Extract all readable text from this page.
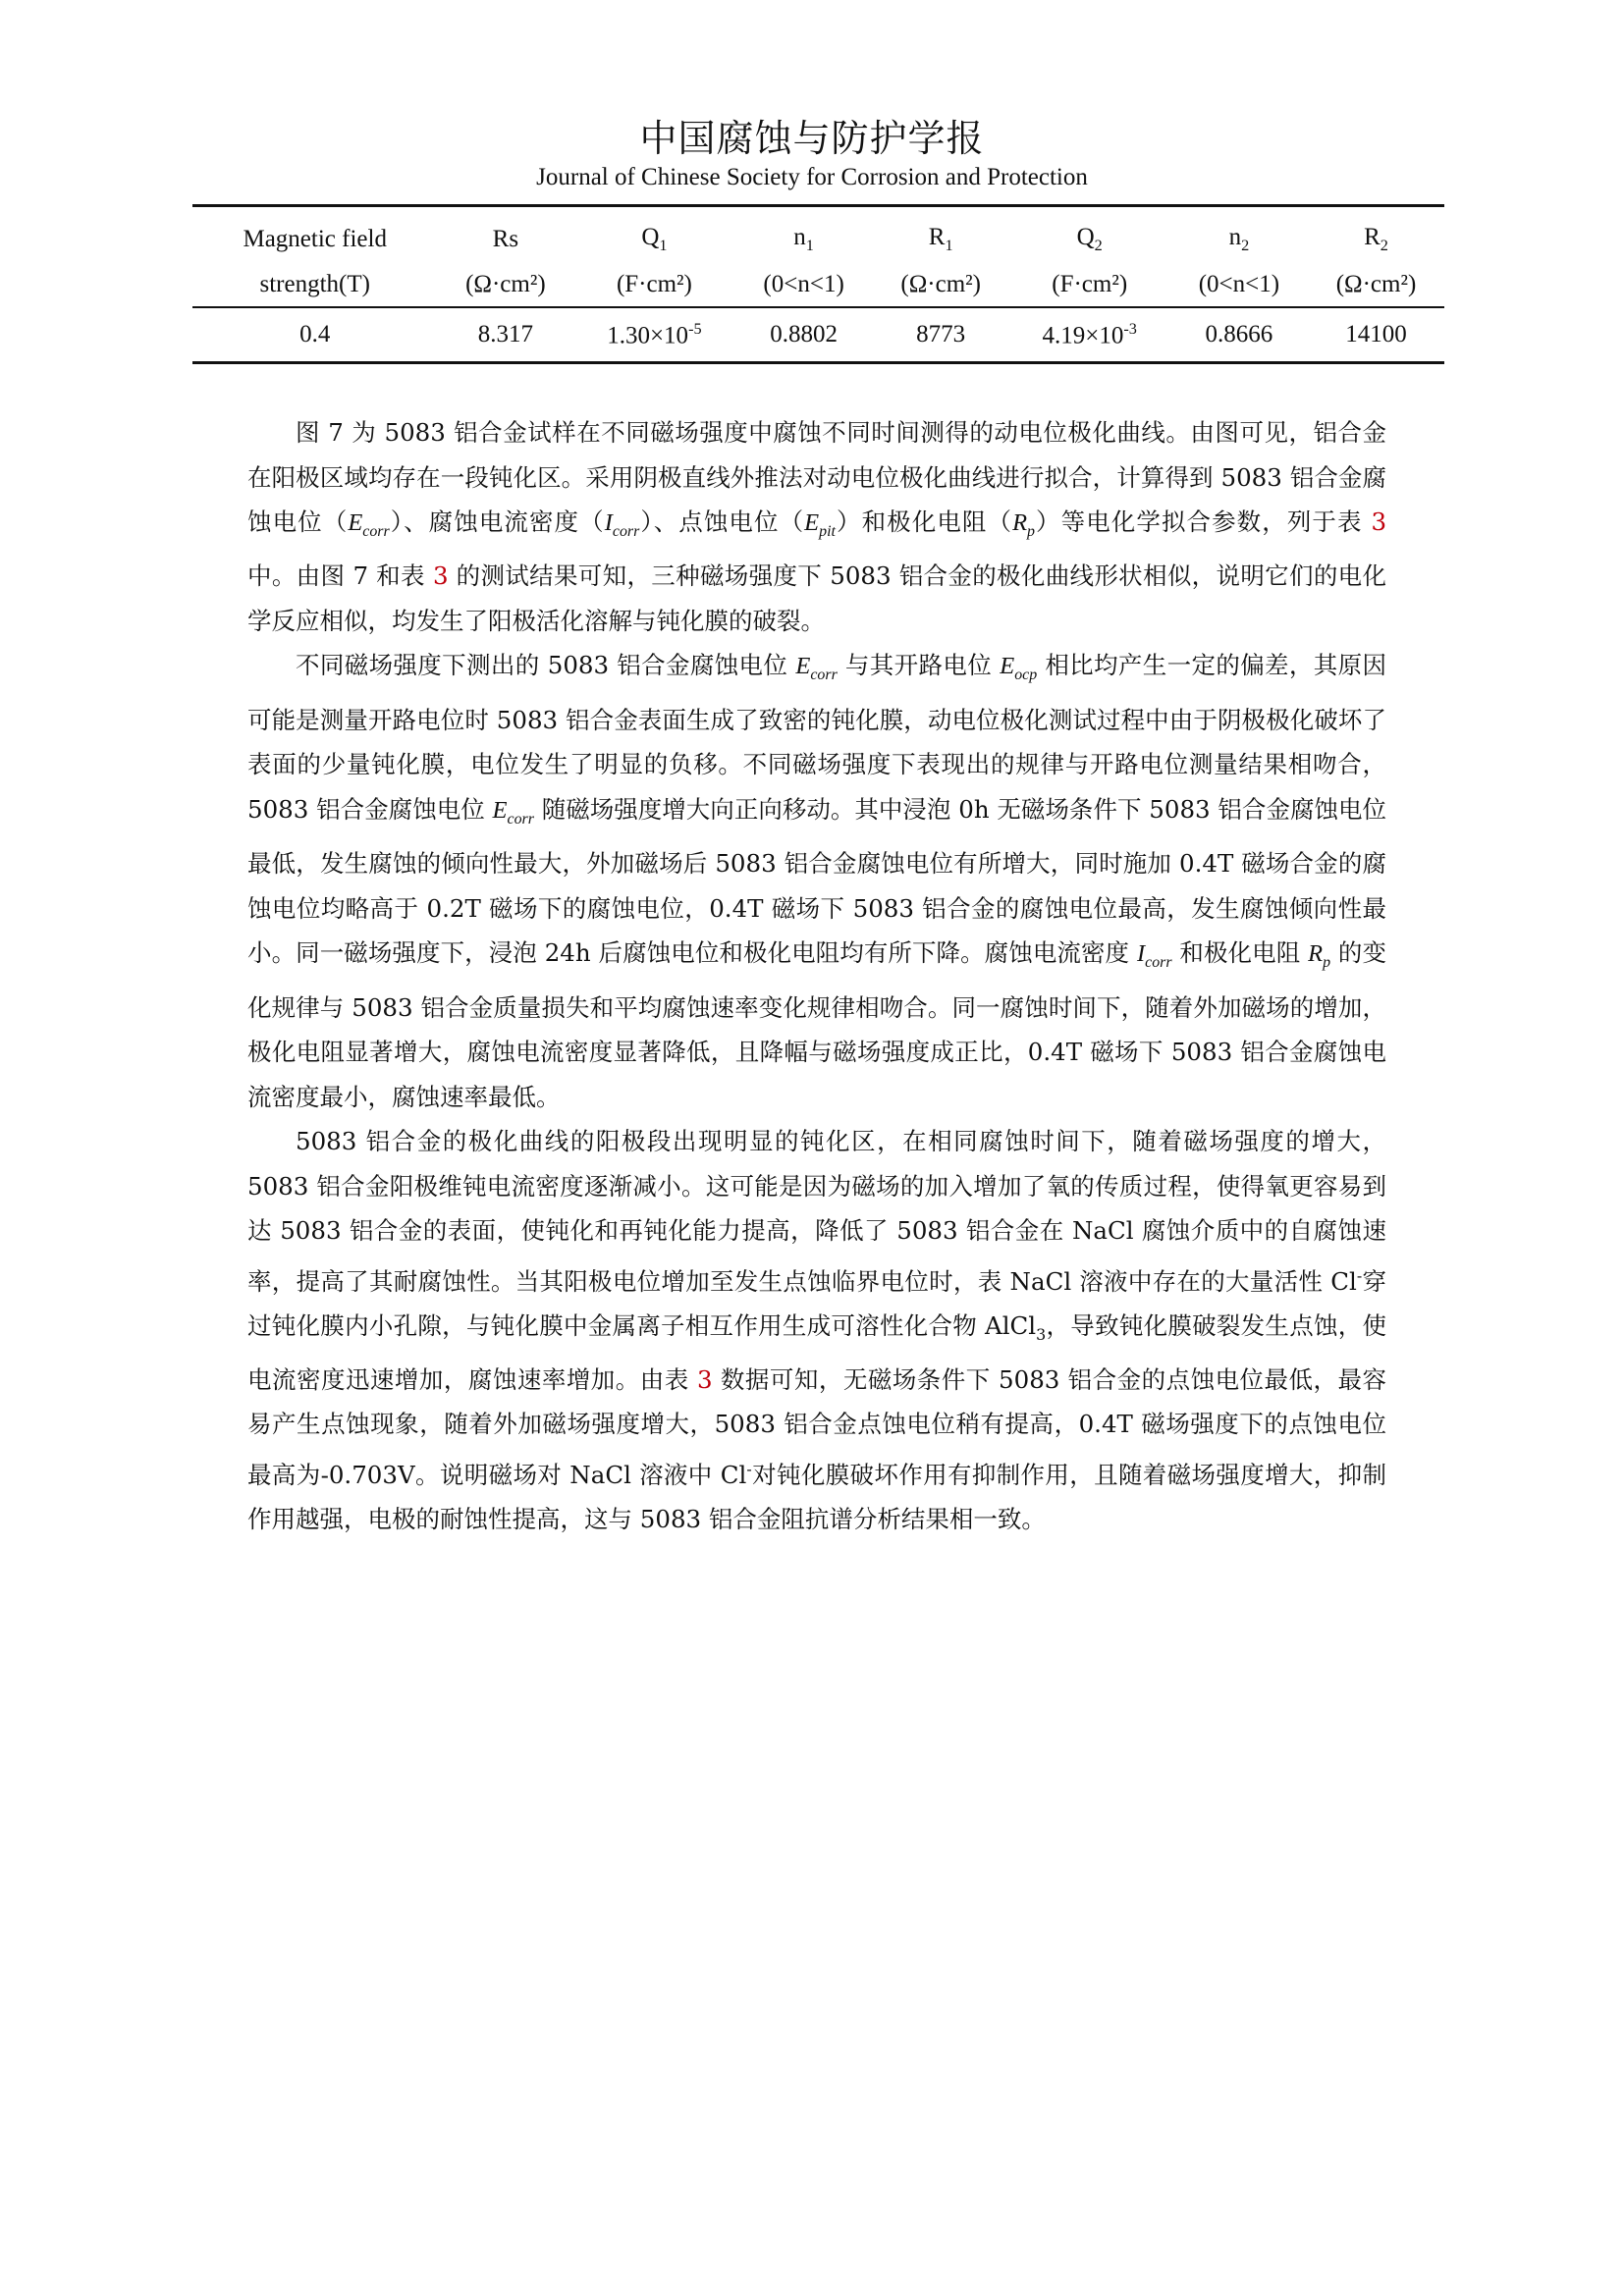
中国腐蚀与防护学报
Journal of Chinese Society for Corrosion and Protection
Magnetic field	Rs	$Q_1$	$n_1$	$R_1$	$Q_2$	$n_2$	$R_2$
strength(T)	(Ω·cm²)	(F·cm²)	(0<n<1)	(Ω·cm²)	(F·cm²)	(0<n<1)	(Ω·cm²)
0.4	8.317	$1.30\times 10^{-5}$	0.8802	8773	$4.19\times 10^{-3}$	0.8666	14100

图 7 为 5083 铝合金试样在不同磁场强度中腐蚀不同时间测得的动电位极化曲线。由图可见，铝合金在阳极区域均存在一段钝化区。采用阴极直线外推法对动电位极化曲线进行拟合，计算得到 5083 铝合金腐蚀电位$(E_{corr})$、腐蚀电流密度$(I_{corr})$、点蚀电位$(E_{pit})$和极化电阻$(R_p)$等电化学拟合参数，列于表 3 中。由图 7 和表 3 的测试结果可知，三种磁场强度下 5083 铝合金的极化曲线形状相似，说明它们的电化学反应相似，均发生了阳极活化溶解与钝化膜的破裂。

不同磁场强度下测出的 5083 铝合金腐蚀电位 $E_{corr}$ 与其开路电位 $E_{ocp}$ 相比均产生一定的偏差，其原因可能是测量开路电位时 5083 铝合金表面生成了致密的钝化膜，动电位极化测试过程中由于阴极极化破坏了表面的少量钝化膜，电位发生了明显的负移。不同磁场强度下表现出的规律与开路电位测量结果相吻合，5083 铝合金腐蚀电位 $E_{corr}$ 随磁场强度增大向正向移动。其中浸泡 0h 无磁场条件下 5083 铝合金腐蚀电位最低，发生腐蚀的倾向性最大，外加磁场后 5083 铝合金腐蚀电位有所增大，同时施加 0.4T 磁场合金的腐蚀电位均略高于 0.2T 磁场下的腐蚀电位，0.4T 磁场下 5083 铝合金的腐蚀电位最高，发生腐蚀倾向性最小。同一磁场强度下，浸泡 24h 后腐蚀电位和极化电阻均有所下降。腐蚀电流密度 $I_{corr}$ 和极化电阻 $R_p$ 的变化规律与 5083 铝合金质量损失和平均腐蚀速率变化规律相吻合。同一腐蚀时间下，随着外加磁场的增加，极化电阻显著增大，腐蚀电流密度显著降低，且降幅与磁场强度成正比，0.4T 磁场下 5083 铝合金腐蚀电流密度最小，腐蚀速率最低。

5083 铝合金的极化曲线的阳极段出现明显的钝化区，在相同腐蚀时间下，随着磁场强度的增大，5083 铝合金阳极维钝电流密度逐渐减小。这可能是因为磁场的加入增加了氧的传质过程，使得氧更容易到达 5083 铝合金的表面，使钝化和再钝化能力提高，降低了 5083 铝合金在 NaCl 腐蚀介质中的自腐蚀速率，提高了其耐腐蚀性。当其阳极电位增加至发生点蚀临界电位时，表 NaCl 溶液中存在的大量活性 Cl-穿过钝化膜内小孔隙，与钝化膜中金属离子相互作用生成可溶性化合物 AlCl$_3$，导致钝化膜破裂发生点蚀，使电流密度迅速增加，腐蚀速率增加。由表 3 数据可知，无磁场条件下 5083 铝合金的点蚀电位最低，最容易产生点蚀现象，随着外加磁场强度增大，5083 铝合金点蚀电位稍有提高，0.4T 磁场强度下的点蚀电位最高为-0.703V。说明磁场对 NaCl 溶液中 Cl-对钝化膜破坏作用有抑制作用，且随着磁场强度增大，抑制作用越强，电极的耐蚀性提高，这与 5083 铝合金阻抗谱分析结果相一致。
